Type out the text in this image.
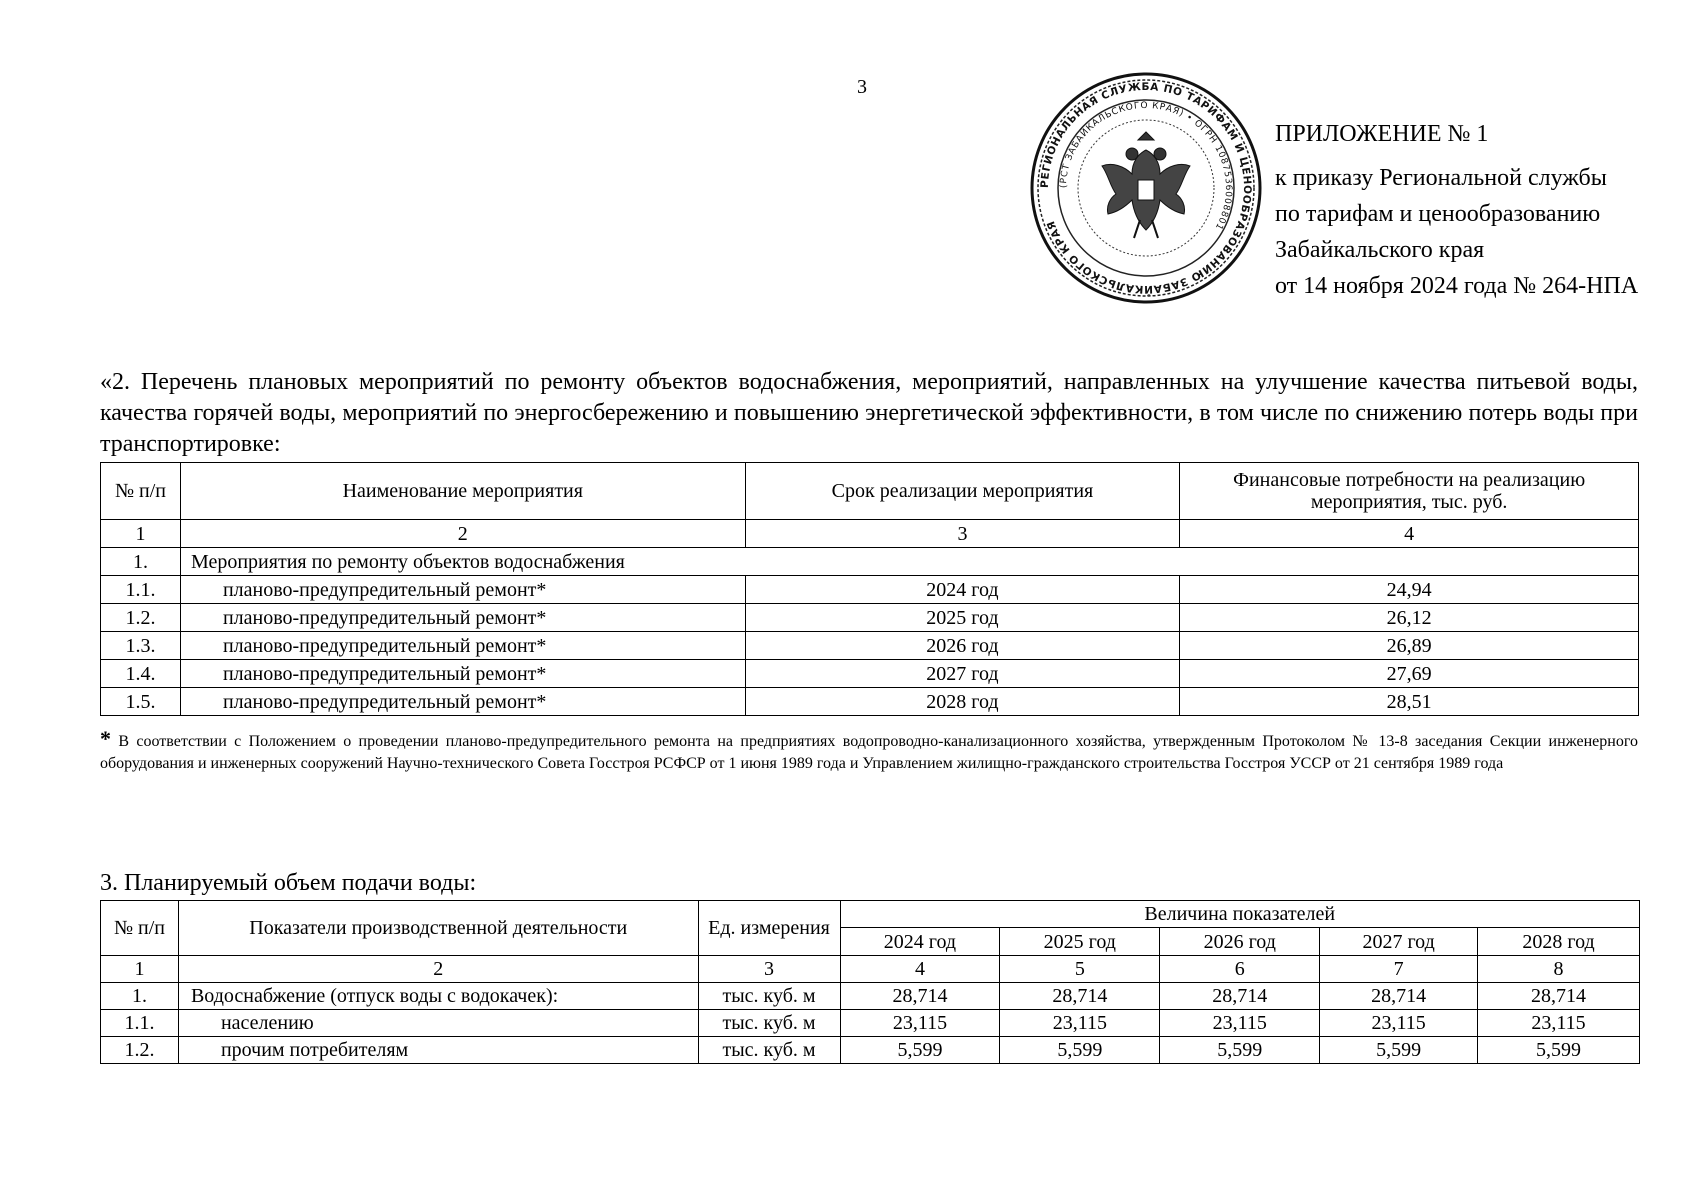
3
РЕГИОНАЛЬНАЯ СЛУЖБА ПО ТАРИФАМ И ЦЕНООБРАЗОВАНИЮ ЗАБАЙКАЛЬСКОГО КРАЯ
(РСТ ЗАБАЙКАЛЬСКОГО КРАЯ) • ОГРН 1087536008801
ПРИЛОЖЕНИЕ № 1
к приказу Региональной службы
по тарифам и ценообразованию
Забайкальского края
от 14 ноября 2024 года № 264-НПА

«2. Перечень плановых мероприятий по ремонту объектов водоснабжения, мероприятий, направленных на улучшение качества питьевой воды, качества горячей воды, мероприятий по энергосбережению и повышению энергетической эффективности, в том числе по снижению потерь воды при транспортировке:

№ п/п	Наименование мероприятия	Срок реализации мероприятия	Финансовые потребности на реализацию мероприятия, тыс. руб.
1	2	3	4
1.	Мероприятия по ремонту объектов водоснабжения		
1.1.	планово-предупредительный ремонт*	2024 год	24,94
1.2.	планово-предупредительный ремонт*	2025 год	26,12
1.3.	планово-предупредительный ремонт*	2026 год	26,89
1.4.	планово-предупредительный ремонт*	2027 год	27,69
1.5.	планово-предупредительный ремонт*	2028 год	28,51

* В соответствии с Положением о проведении планово-предупредительного ремонта на предприятиях водопроводно-канализационного хозяйства, утвержденным Протоколом № 13-8 заседания Секции инженерного оборудования и инженерных сооружений Научно-технического Совета Госстроя РСФСР от 1 июня 1989 года и Управлением жилищно-гражданского строительства Госстроя УССР от 21 сентября 1989 года

3. Планируемый объем подачи воды:

№ п/п	Показатели производственной деятельности	Ед. измерения	Величина показателей				
			2024 год	2025 год	2026 год	2027 год	2028 год
1	2	3	4	5	6	7	8
1.	Водоснабжение (отпуск воды с водокачек):	тыс. куб. м	28,714	28,714	28,714	28,714	28,714
1.1.	населению	тыс. куб. м	23,115	23,115	23,115	23,115	23,115
1.2.	прочим потребителям	тыс. куб. м	5,599	5,599	5,599	5,599	5,599
